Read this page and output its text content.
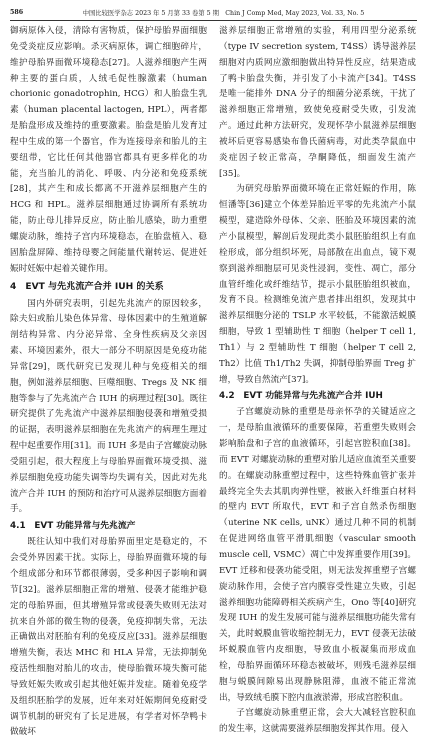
586	中国比较医学杂志 2023 年 5 月第 33 卷第 5 期　Chin J Comp Med, May 2023, Vol. 33, No. 5

御病原体入侵，清除有害物质，保护母胎界面细胞免受炎症反应影响。杀灭病原体，调亡细胞碎片，维护母胎界面微环境稳态[27]。人滋养细胞产生两种主要的蛋白质，人绒毛促性腺激素（human chorionic gonadotrophin, HCG）和人胎盘生乳素（human placental lactogen, HPL），两者都是胎盘形成及维持的重要激素。胎盘是胎儿发育过程中生成的第一个器官，作为连接母亲和胎儿的主要纽带，它比任何其他器官都具有更多样化的功能，充当胎儿的消化、呼吸、内分泌和免疫系统[28]，其产生和成长都离不开滋养层细胞产生的 HCG 和 HPL。滋养层细胞通过协调所有系统功能，防止母儿排异反应，防止胎儿感染，助力重塑螺旋动脉，维持子宫内环境稳态，在胎盘植入、稳固胎盘屏障、维持母婴之间能量代谢转运、促进妊娠时妊娠中起着关键作用。

4　EVT 与先兆流产合并 IUH 的关系

国内外研究表明，引起先兆流产的原因较多，除夫妇或胎儿染色体异常、母体因素中的生殖道解剖结构异常、内分泌异常、全身性疾病及父亲因素、环境因素外，很大一部分不明原因是免疫功能异常[29]，既代研究已发现儿种与免疫相关的细胞，例如滋养层细胞、巨噬细胞、Tregs 及 NK 细胞等参与了先兆流产合 IUH 的病理过程[30]。既往研究提供了先兆流产中滋养层细胞侵袭和增殖受损的证据，表明滋养层细胞在先兆流产的病理生理过程中起重要作用[31]。而 IUH 多是由子宫螺旋动脉受阻引起，很大程度上与母胎界面微环境受损、滋养层细胞免疫功能失调等均失调有关，因此对先兆流产合并 IUH 的预防和治疗可从滋养层细胞方面着手。

4.1　EVT 功能异常与先兆流产

既往认知中我们对母胎界面里定是稳定的，不会受外界因素干扰。实际上，母胎界面微环境的每个组成部分和环节都很薄弱，受多种因子影响和调节[32]。滋养层细胞正常的增殖、侵袭才能维护稳定的母胎界面，但其增殖异常或侵袭失败则无法对抗来自外部的微生物的侵袭，免疫抑制失常，无法正确做出对胚胎有利的免疫反应[33]。滋养层细胞增殖失衡，表达 MHC 和 HLA 异常，无法抑制免疫活性细胞对胎儿的攻击，使母胎微环境失衡可能导致妊娠失败或引起其他妊娠并发症。随着免疫学及组织胚胎学的发展，近年来对妊娠期间免疫耐受调节机制的研究有了长足进展，有学者对怀孕鸭卡做破坏

滋养层细胞正常增殖的实验，利用四型分泌系统（type IV secretion system, T4SS）诱导滋养层细胞对内质网应激细胞做出特异性反应，结果造成了鸭卡胎盘失衡，并引发了小卡流产[34]。T4SS 是唯一能排外 DNA 分子的细菌分泌系统，干扰了滋养细胞正常增殖，致使免疫耐受失败，引发流产。通过此种方法研究，发现怀孕小鼠滋养层细胞被坏后更容易感染布鲁氏菌病毒，对此类孕鼠血中炎症因子较正常高，孕酮降低，细面发生流产[35]。

为研究母胎界面微环境在正常妊娠的作用，陈恒潘等[36]建立个体差异胎近平零的先兆流产小鼠模型，建造除外母体、父亲、胚胎及环境因素的流产小鼠模型，解剖后发现此类小鼠胚胎组织上有血栓形成，部分组织坏死，局部散在出血点，镜下观察到滋养细胞层可见炎性浸润，变性、凋亡，部分血管纤维化或纤维结节，提示小鼠胚胎组织被血，发育不良。检测维免流产患者排出组织，发现其中滋养层细胞分泌的 TSLP 水平较低，不能激活蜕膜细胞，导致 1 型辅助性 T 细胞（helper T cell 1, Th1）与 2 型辅助性 T 细胞（helper T cell 2, Th2）比值 Th1/Th2 失调，抑制母胎界面 Treg 扩增，导致自然流产[37]。

4.2　EVT 功能异常与先兆流产合并 IUH

子宫螺旋动脉的重塑是母亲怀孕的关键适应之一，是母胎血液循环的重要保障，若重塑失败则会影响胎盘和子宫的血液循环，引起宫腔积血[38]。而 EVT 对螺旋动脉的重塑对胎儿适应血流至关重要的。在螺旋动脉重塑过程中，这些特殊血管扩张并最终完全失去其肌肉弹性壁，被嵌入纤维蛋白材料的壁内 EVT 所取代，EVT 和子宫自然杀伤细胞（uterine NK cells, uNK）通过几种不同的机制在促进网络血管平滑肌细胞（vascular smooth muscle cell, VSMC）凋亡中发挥重要作用[39]。EVT 迁移和侵袭功能受阻，则无法发挥重塑子宫螺旋动脉作用，会使子宫内膜容受性建立失败，引起滋养细胞功能障碍相关疾病产生，Ono 等[40]研究发现 IUH 的发生发展可能与滋养层细胞功能失常有关，此时蜕膜血管收缩控制无力，EVT 侵袭无法破坏蜕膜血管内皮细胞，导致血小板凝集而形成血栓，母胎界面循环环稳态被破坏，则残毛滋养层细胞与蜕膜间隙易出现静脉阻滞，血液不能正常流出，导致绒毛膜下腔内血液淤滞，形成宫腔积血。

子宫螺旋动脉重塑正常，会大大减轻宫腔积血的发生率，这就需要滋养层细胞发挥其作用。侵入
